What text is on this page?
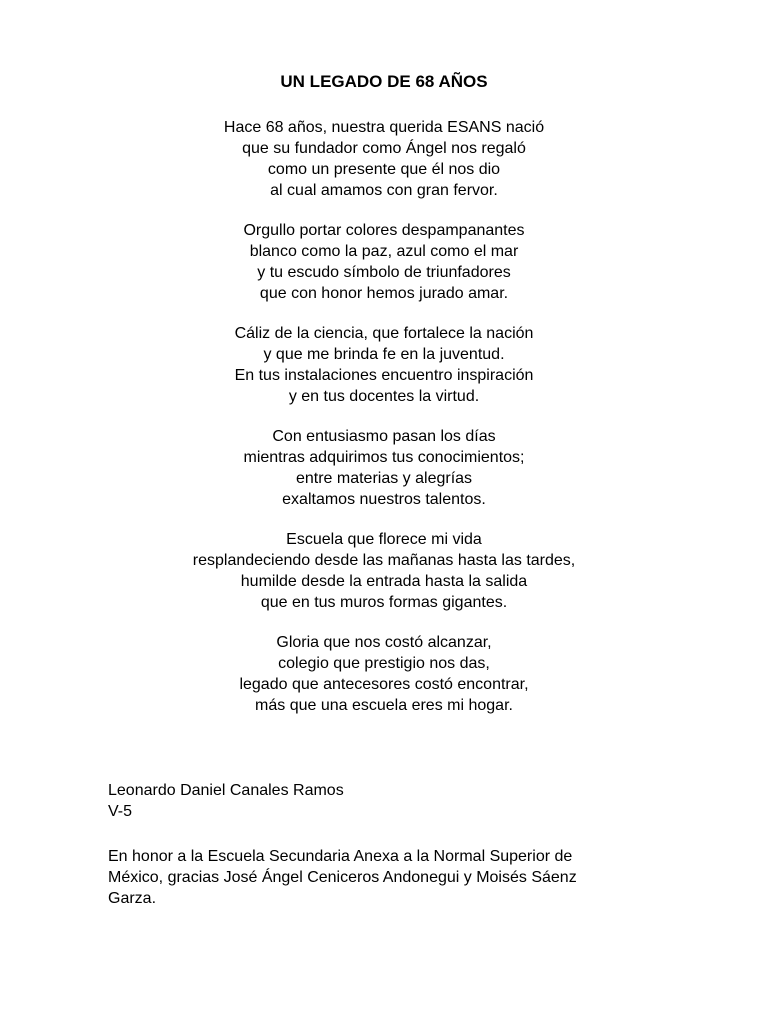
UN LEGADO DE 68 AÑOS
Hace 68 años, nuestra querida ESANS nació
que su fundador como Ángel nos regaló
como un presente que él nos dio
al cual amamos con gran fervor.
Orgullo portar colores despampanantes
blanco como la paz, azul como el mar
y tu escudo símbolo de triunfadores
que con honor hemos jurado amar.
Cáliz de la ciencia, que fortalece la nación
y que me brinda fe en la juventud.
En tus instalaciones encuentro inspiración
y en tus docentes la virtud.
Con entusiasmo pasan los días
mientras adquirimos tus conocimientos;
entre materias y alegrías
exaltamos nuestros talentos.
Escuela que florece mi vida
resplandeciendo desde las mañanas hasta las tardes,
humilde desde la entrada hasta la salida
que en tus muros formas gigantes.
Gloria que nos costó alcanzar,
colegio que prestigio nos das,
legado que antecesores costó encontrar,
más que una escuela eres mi hogar.
Leonardo Daniel Canales Ramos
V-5
En honor a la Escuela Secundaria Anexa a la Normal Superior de
México, gracias José Ángel Ceniceros Andonegui y Moisés Sáenz
Garza.
